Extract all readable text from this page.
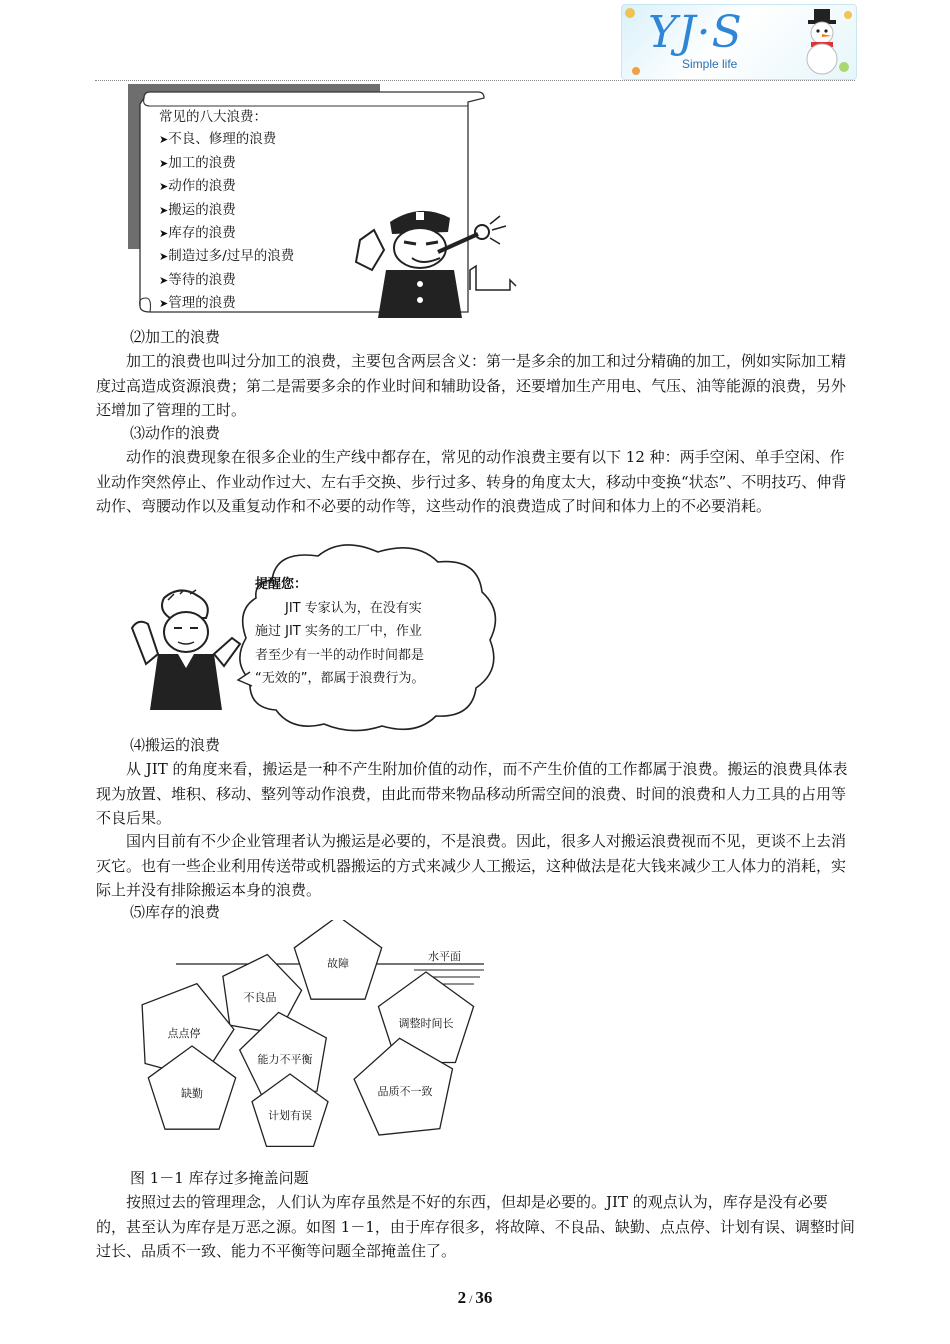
YJ·S
Simple life
常见的八大浪费：
➤不良、修理的浪费
➤加工的浪费
➤动作的浪费
➤搬运的浪费
➤库存的浪费
➤制造过多/过早的浪费
➤等待的浪费
➤管理的浪费
⑵加工的浪费
加工的浪费也叫过分加工的浪费，主要包含两层含义：第一是多余的加工和过分精确的加工，例如实际加工精度过高造成资源浪费；第二是需要多余的作业时间和辅助设备，还要增加生产用电、气压、油等能源的浪费，另外还增加了管理的工时。
⑶动作的浪费
动作的浪费现象在很多企业的生产线中都存在，常见的动作浪费主要有以下 12 种：两手空闲、单手空闲、作业动作突然停止、作业动作过大、左右手交换、步行过多、转身的角度太大，移动中变换“状态”、不明技巧、伸背动作、弯腰动作以及重复动作和不必要的动作等，这些动作的浪费造成了时间和体力上的不必要消耗。
提醒您：
JIT 专家认为，在没有实
施过 JIT 实务的工厂中，作业
者至少有一半的动作时间都是
“无效的”，都属于浪费行为。
⑷搬运的浪费
从 JIT 的角度来看，搬运是一种不产生附加价值的动作，而不产生价值的工作都属于浪费。搬运的浪费具体表现为放置、堆积、移动、整列等动作浪费，由此而带来物品移动所需空间的浪费、时间的浪费和人力工具的占用等不良后果。
国内目前有不少企业管理者认为搬运是必要的，不是浪费。因此，很多人对搬运浪费视而不见，更谈不上去消灭它。也有一些企业利用传送带或机器搬运的方式来减少人工搬运，这种做法是花大钱来减少工人体力的消耗，实际上并没有排除搬运本身的浪费。
⑸库存的浪费
水平面
故障
不良品
调整时间长
点点停
能力不平衡
缺勤
计划有误
品质不一致
图 1－1 库存过多掩盖问题
按照过去的管理理念，人们认为库存虽然是不好的东西，但却是必要的。JIT 的观点认为，库存是没有必要的，甚至认为库存是万恶之源。如图 1－1，由于库存很多，将故障、不良品、缺勤、点点停、计划有误、调整时间过长、品质不一致、能力不平衡等问题全部掩盖住了。
2 / 36
